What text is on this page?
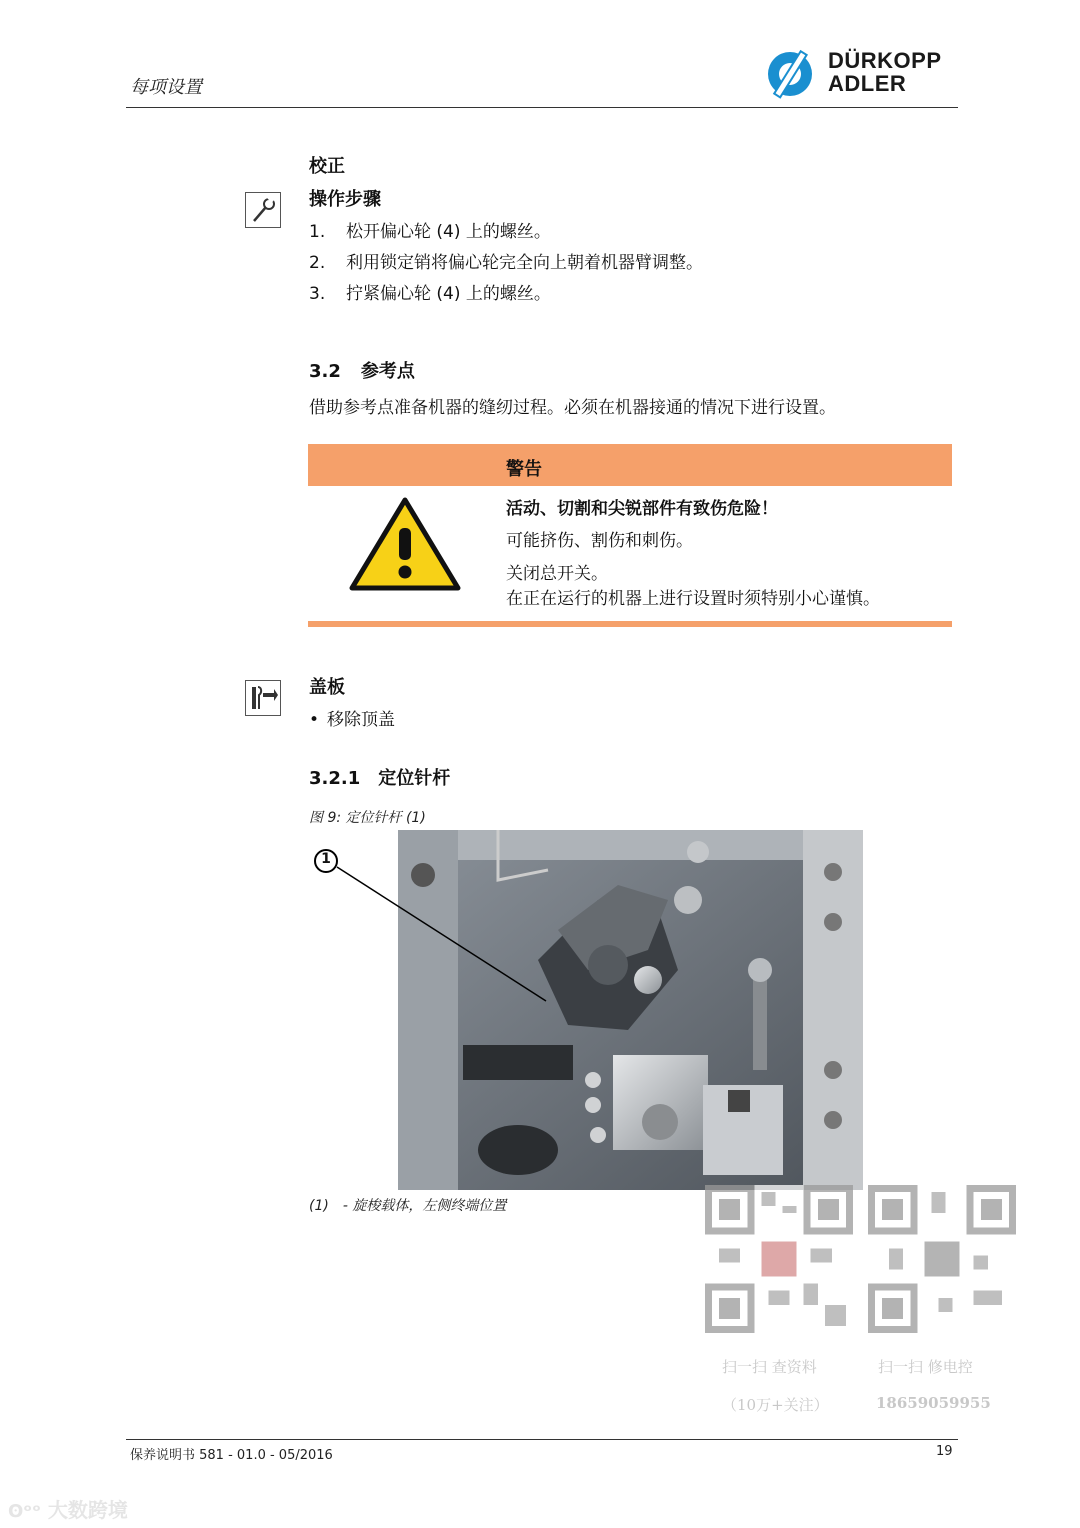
每项设置
DÜRKOPP
ADLER
校正
操作步骤
1. 松开偏心轮 (4) 上的螺丝。
2. 利用锁定销将偏心轮完全向上朝着机器臂调整。
3. 拧紧偏心轮 (4) 上的螺丝。
3.2 参考点
借助参考点准备机器的缝纫过程。必须在机器接通的情况下进行设置。
警告
活动、切割和尖锐部件有致伤危险！
可能挤伤、割伤和刺伤。
关闭总开关。
在正在运行的机器上进行设置时须特别小心谨慎。
盖板
• 移除顶盖
3.2.1 定位针杆
图 9: 定位针杆 (1)
1
(1) - 旋梭载体，左侧终端位置
扫一扫 查资料
（10万+关注）
扫一扫 修电控
18659059955
保养说明书 581 - 01.0 - 05/2016	19
ʘᵒᵒ 大数跨境
